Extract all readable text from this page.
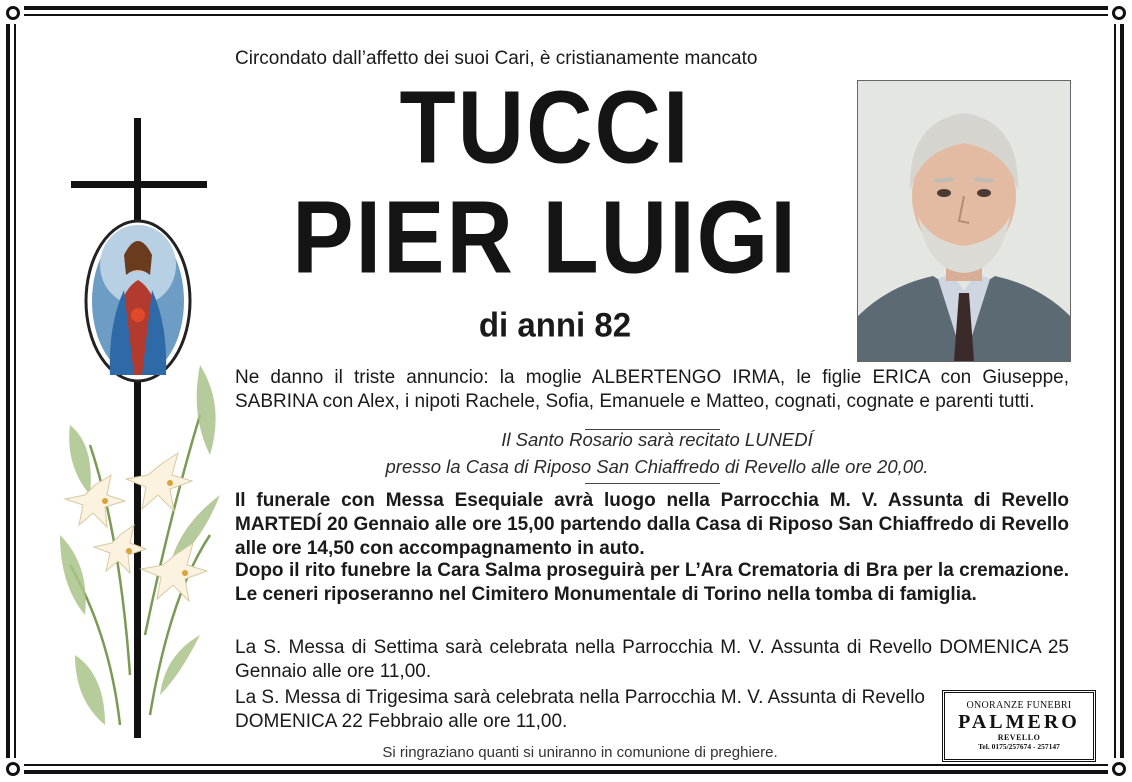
Circondato dall’affetto dei suoi Cari, è cristianamente mancato
TUCCI
PIER LUIGI
di anni 82

Ne danno il triste annuncio: la moglie ALBERTENGO IRMA, le figlie ERICA con Giuseppe, SABRINA con Alex, i nipoti Rachele, Sofia, Emanuele e Matteo, cognati, cognate e parenti tutti.

Il Santo Rosario sarà recitato LUNEDÍ
presso la Casa di Riposo San Chiaffredo di Revello alle ore 20,00.

Il funerale con Messa Esequiale avrà luogo nella Parrocchia M. V. Assunta di Revello MARTEDÍ 20 Gennaio alle ore 15,00 partendo dalla Casa di Riposo San Chiaffredo di Revello alle ore 14,50 con accompagnamento in auto.

Dopo il rito funebre la Cara Salma proseguirà per L’Ara Crematoria di Bra per la cremazione. Le ceneri riposeranno nel Cimitero Monumentale di Torino nella tomba di famiglia.

La S. Messa di Settima sarà celebrata nella Parrocchia M. V. Assunta di Revello DOMENICA 25 Gennaio alle ore 11,00.

La S. Messa di Trigesima sarà celebrata nella Parrocchia M. V. Assunta di Revello DOMENICA 22 Febbraio alle ore 11,00.

Si ringraziano quanti si uniranno in comunione di preghiere.
ONORANZE FUNEBRI
PALMERO
REVELLO
Tel. 0175/257674 - 257147
